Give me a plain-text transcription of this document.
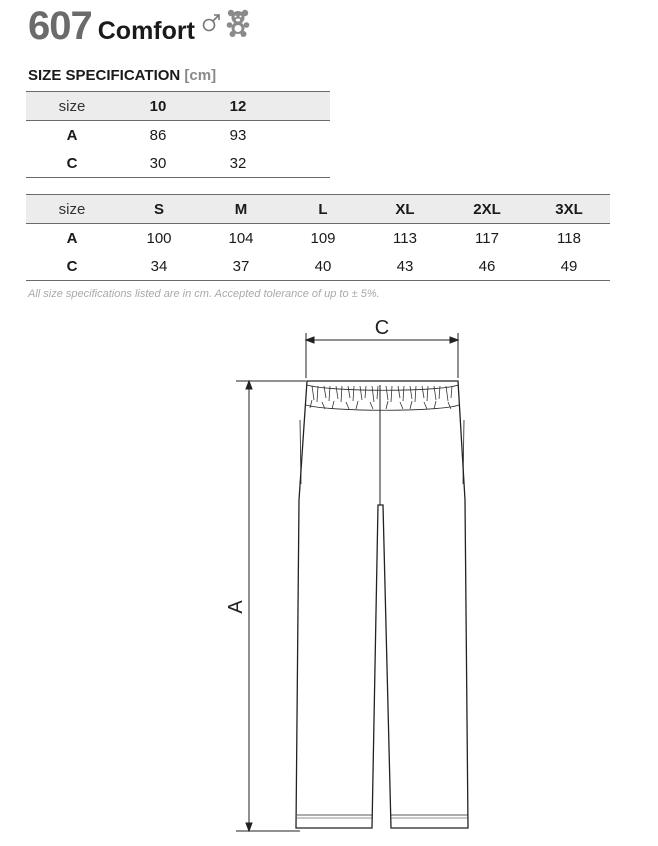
607 Comfort
SIZE SPECIFICATION [cm]
size	10	12	
A	86	93	
C	30	32	
size	S	M	L	XL	2XL	3XL
A	100	104	109	113	117	118
C	34	37	40	43	46	49
All size specifications listed are in cm. Accepted tolerance of up to ± 5%.
C
A
